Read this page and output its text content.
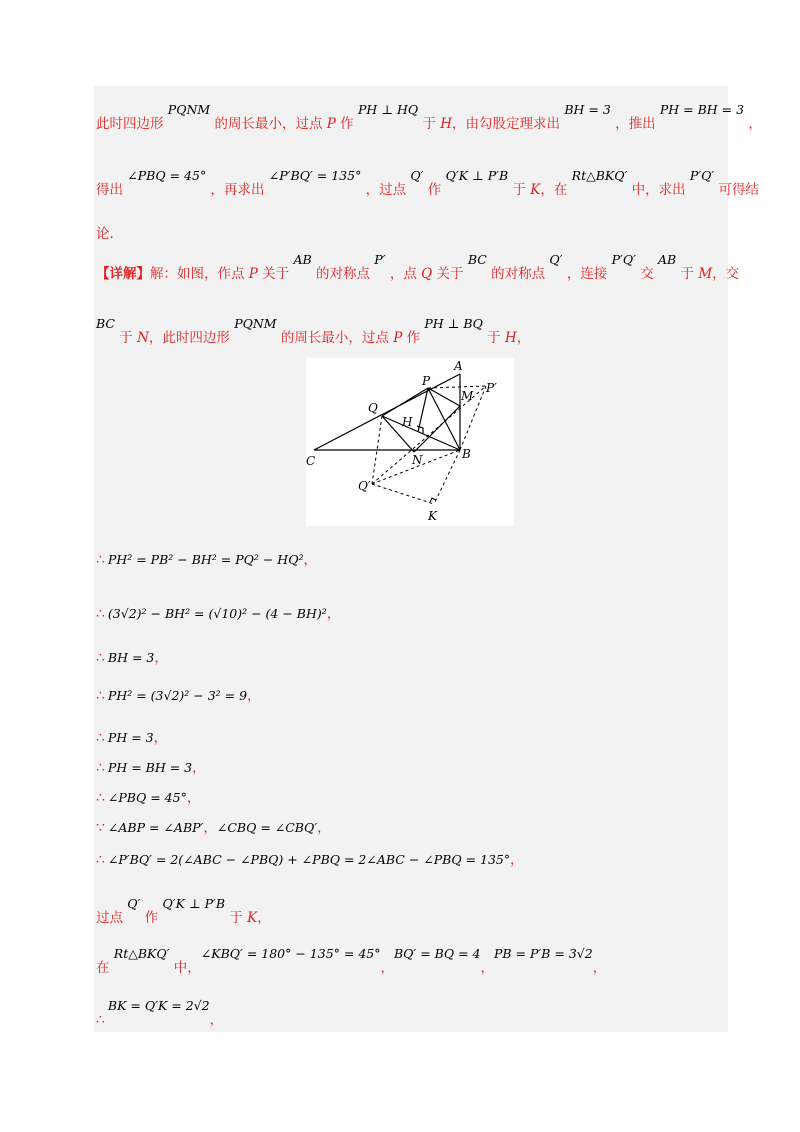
此时四边形 PQNM 的周长最小，过点 P 作 PH ⊥ HQ 于 H，由勾股定理求出 BH = 3 ，推出 PH = BH = 3 ，
得出 ∠PBQ = 45° ，再求出 ∠P′BQ′ = 135° ，过点 Q′ 作 Q′K ⊥ P′B 于 K，在 Rt△BKQ′ 中，求出 P′Q′ 可得结
论．
【详解】解：如图，作点 P 关于 AB 的对称点 P′ ，点 Q 关于 BC 的对称点 Q′ ，连接 P′Q′ 交 AB 于 M，交
BC 于 N，此时四边形 PQNM 的周长最小，过点 P 作 PH ⊥ BQ 于 H，
A
P
M
P′
Q
H
C	N	B
Q′
K
∴ PH² = PB² − BH² = PQ² − HQ²，
∴ (3√2)² − BH² = (√10)² − (4 − BH)²，
∴ BH = 3，
∴ PH² = (3√2)² − 3² = 9，
∴ PH = 3，
∴ PH = BH = 3，
∴ ∠PBQ = 45°，
∵ ∠ABP = ∠ABP′，∠CBQ = ∠CBQ′，
∴ ∠P′BQ′ = 2(∠ABC − ∠PBQ) + ∠PBQ = 2∠ABC − ∠PBQ = 135°，
过点 Q′ 作 Q′K ⊥ P′B 于 K，
在 Rt△BKQ′ 中，∠KBQ′ = 180° − 135° = 45°，BQ′ = BQ = 4，PB = P′B = 3√2，
∴BK = Q′K = 2√2，
